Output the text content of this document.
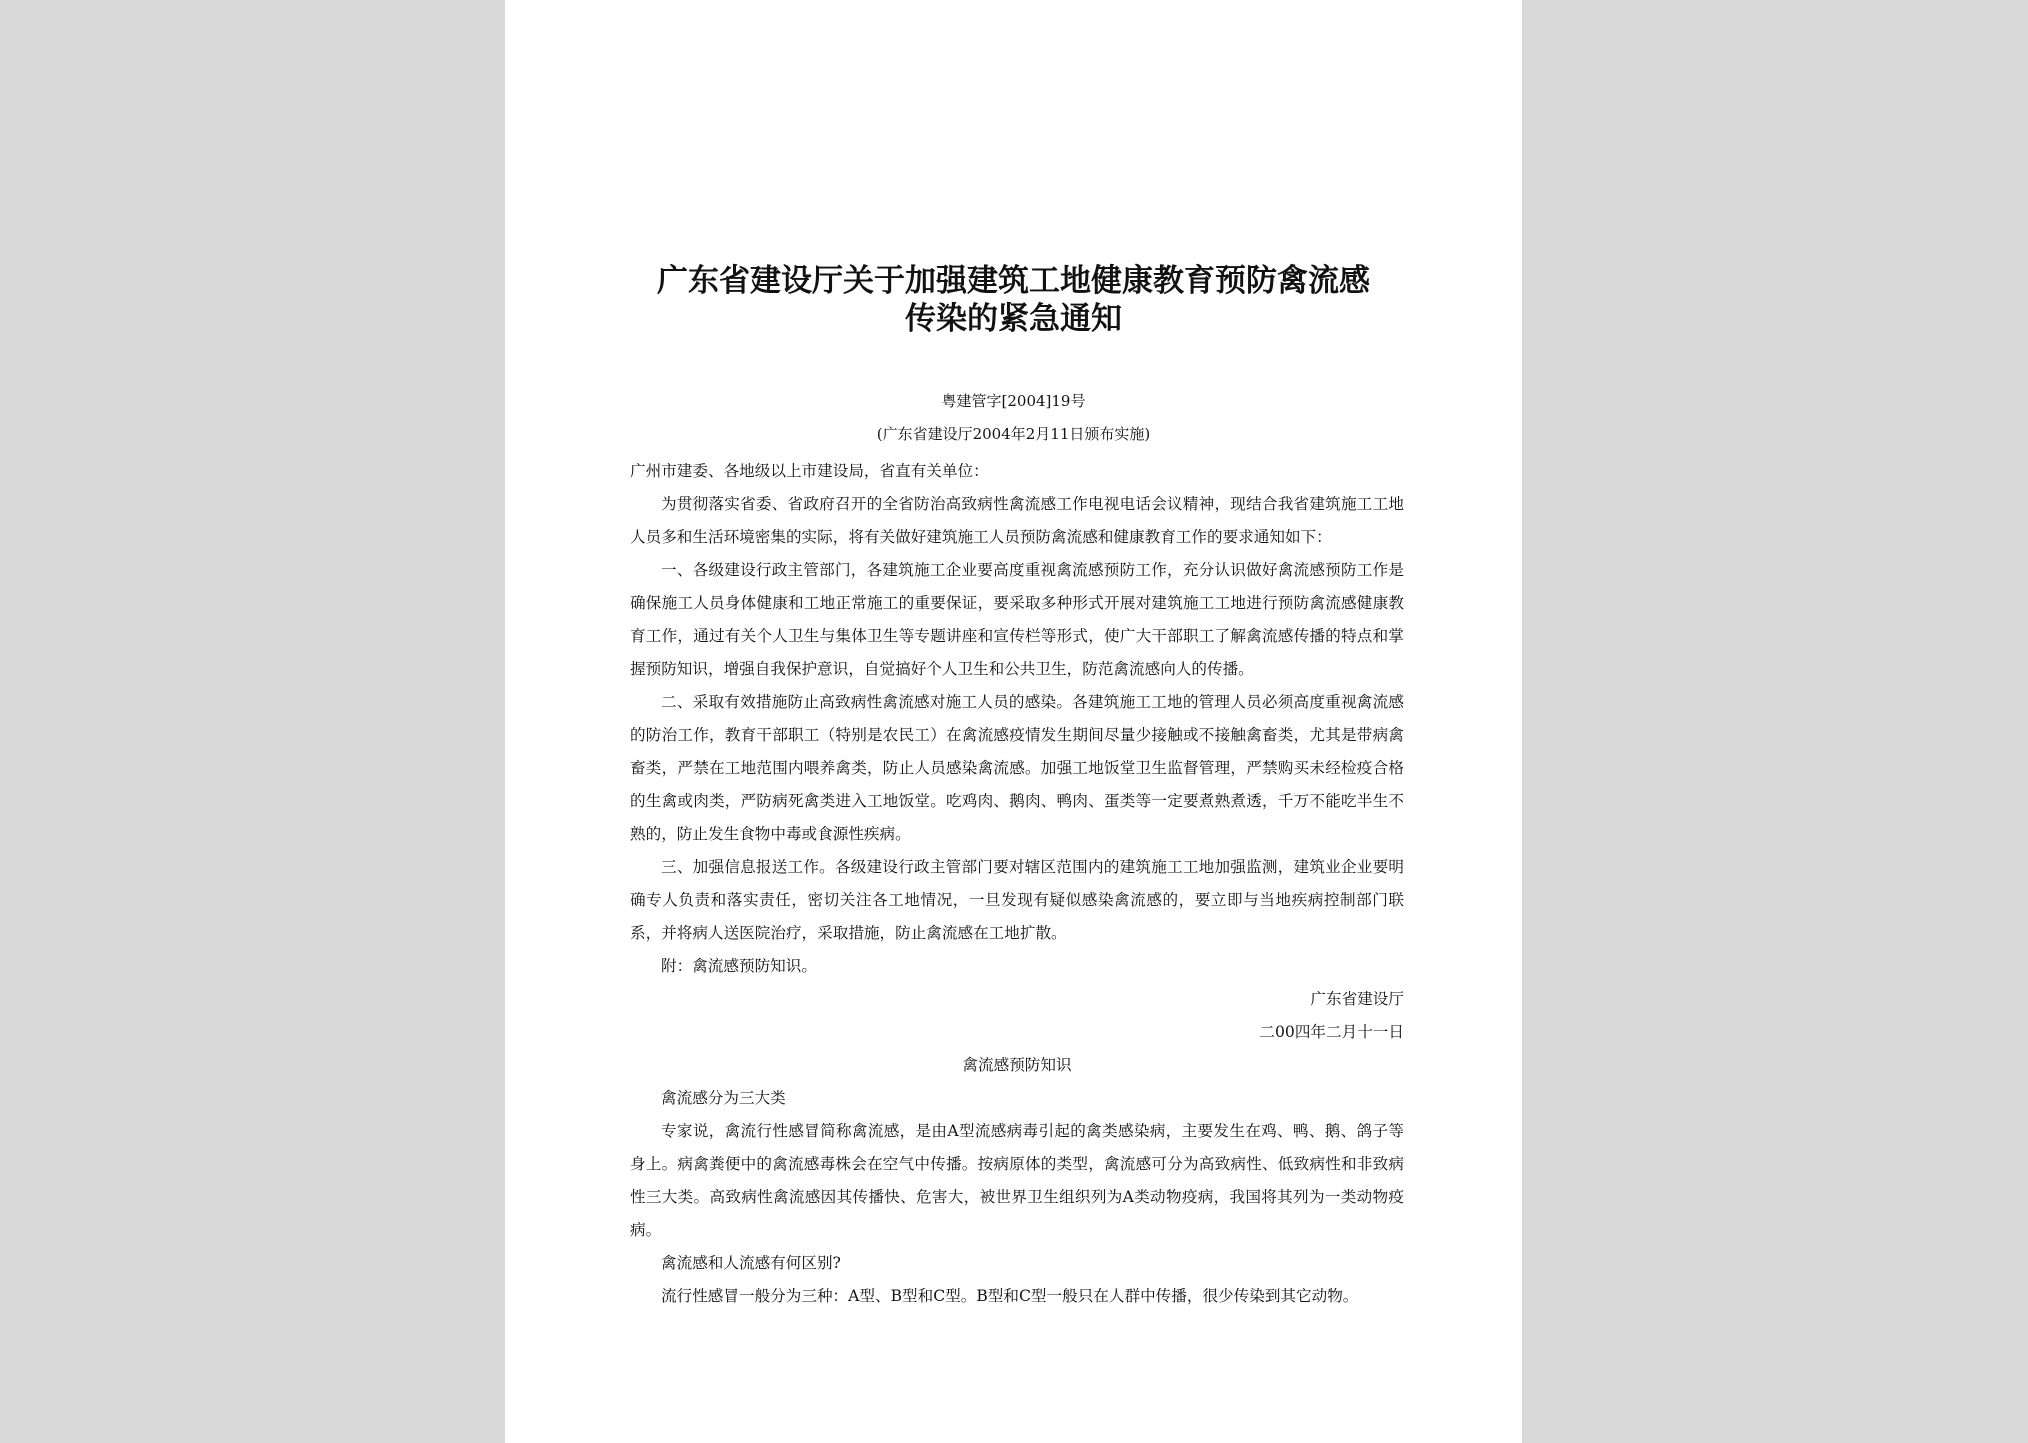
广东省建设厅关于加强建筑工地健康教育预防禽流感
传染的紧急通知
粤建管字[2004]19号
(广东省建设厅2004年2月11日颁布实施)

广州市建委、各地级以上市建设局，省直有关单位：

为贯彻落实省委、省政府召开的全省防治高致病性禽流感工作电视电话会议精神，现结合我省建筑施工工地人员多和生活环境密集的实际，将有关做好建筑施工人员预防禽流感和健康教育工作的要求通知如下：

一、各级建设行政主管部门，各建筑施工企业要高度重视禽流感预防工作，充分认识做好禽流感预防工作是确保施工人员身体健康和工地正常施工的重要保证，要采取多种形式开展对建筑施工工地进行预防禽流感健康教育工作，通过有关个人卫生与集体卫生等专题讲座和宣传栏等形式，使广大干部职工了解禽流感传播的特点和掌握预防知识，增强自我保护意识，自觉搞好个人卫生和公共卫生，防范禽流感向人的传播。

二、采取有效措施防止高致病性禽流感对施工人员的感染。各建筑施工工地的管理人员必须高度重视禽流感的防治工作，教育干部职工（特别是农民工）在禽流感疫情发生期间尽量少接触或不接触禽畜类，尤其是带病禽畜类，严禁在工地范围内喂养禽类，防止人员感染禽流感。加强工地饭堂卫生监督管理，严禁购买未经检疫合格的生禽或肉类，严防病死禽类进入工地饭堂。吃鸡肉、鹅肉、鸭肉、蛋类等一定要煮熟煮透，千万不能吃半生不熟的，防止发生食物中毒或食源性疾病。

三、加强信息报送工作。各级建设行政主管部门要对辖区范围内的建筑施工工地加强监测，建筑业企业要明确专人负责和落实责任，密切关注各工地情况，一旦发现有疑似感染禽流感的，要立即与当地疾病控制部门联系，并将病人送医院治疗，采取措施，防止禽流感在工地扩散。

附：禽流感预防知识。

广东省建设厅

二00四年二月十一日

禽流感预防知识

禽流感分为三大类

专家说，禽流行性感冒简称禽流感，是由A型流感病毒引起的禽类感染病，主要发生在鸡、鸭、鹅、鸽子等身上。病禽粪便中的禽流感毒株会在空气中传播。按病原体的类型，禽流感可分为高致病性、低致病性和非致病性三大类。高致病性禽流感因其传播快、危害大，被世界卫生组织列为A类动物疫病，我国将其列为一类动物疫病。

禽流感和人流感有何区别?

流行性感冒一般分为三种：A型、B型和C型。B型和C型一般只在人群中传播，很少传染到其它动物。
